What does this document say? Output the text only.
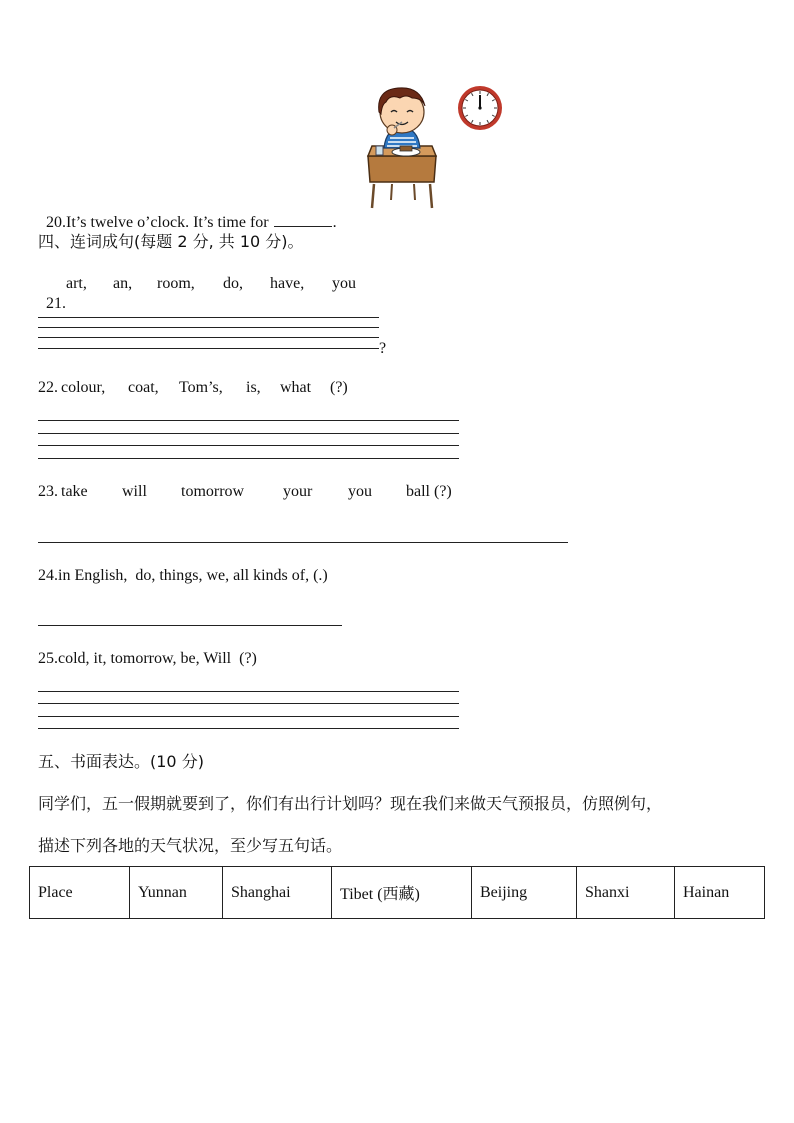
20.It’s twelve o’clock. It’s time for	.

四、连词成句(每题 2 分, 共 10 分)。

21.

art, an, room, do, have, you
?
22. colour, coat, Tom’s, is, what (?)
23. take will tomorrow your you ball (?)
24.in English,  do, things, we, all kinds of, (.)
25.cold, it, tomorrow, be, Will  (?)
五、书面表达。(10 分)
同学们，五一假期就要到了，你们有出行计划吗？现在我们来做天气预报员，仿照例句，
描述下列各地的天气状况，至少写五句话。
Place	Yunnan	Shanghai	Tibet (西藏)	Beijing	Shanxi	Hainan
